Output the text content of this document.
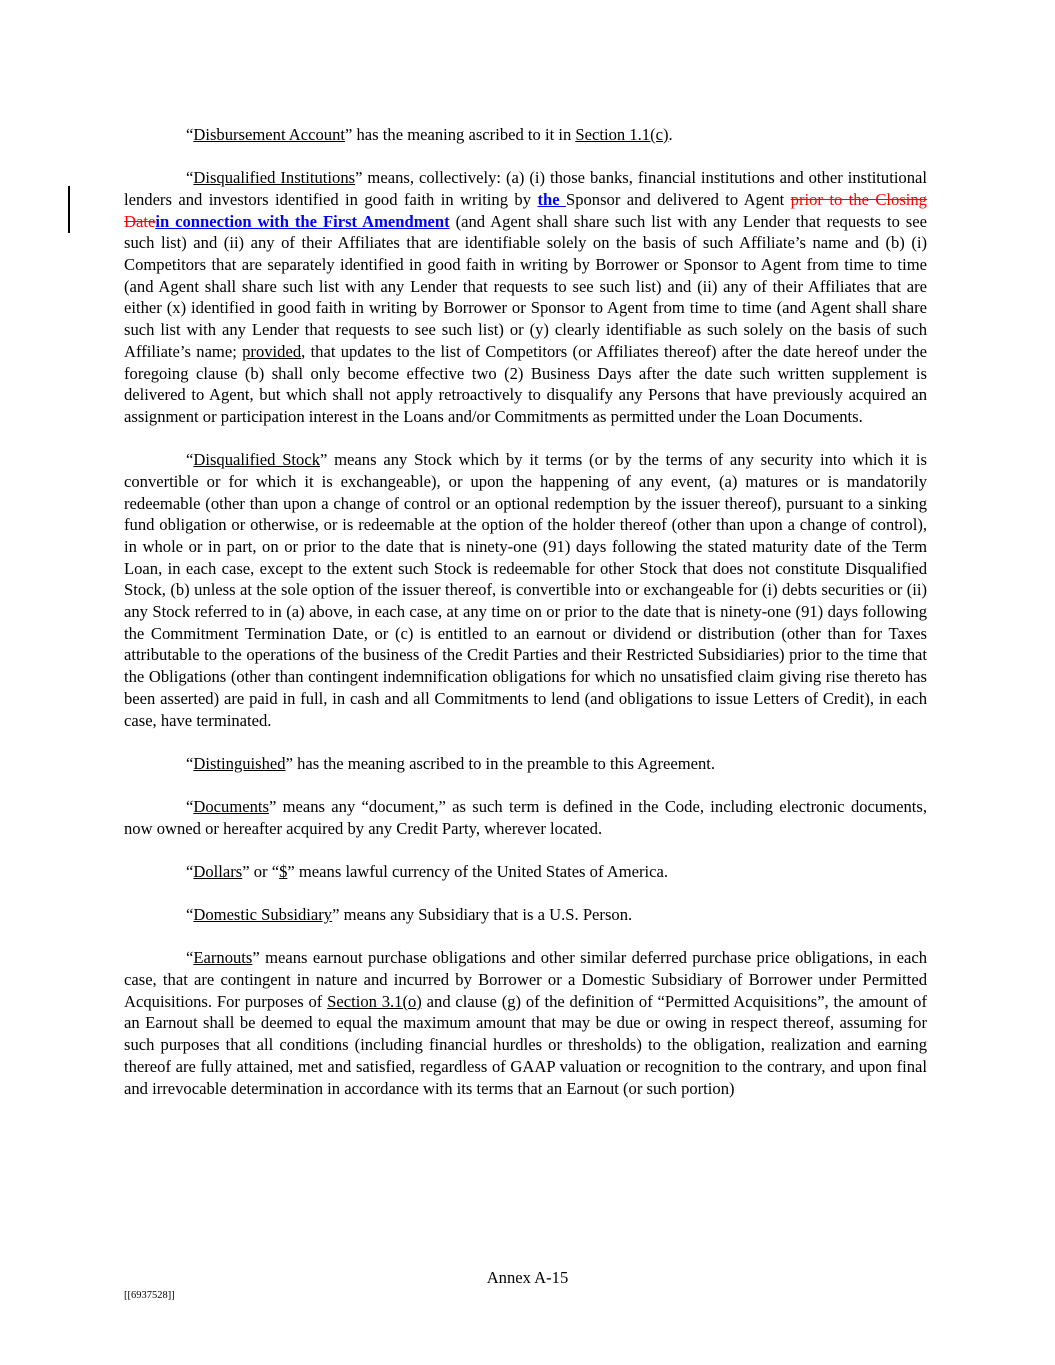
“Disbursement Account” has the meaning ascribed to it in Section 1.1(c).

“Disqualified Institutions” means, collectively: (a) (i) those banks, financial institutions and other institutional lenders and investors identified in good faith in writing by the Sponsor and delivered to Agent prior to the Closing Datein connection with the First Amendment (and Agent shall share such list with any Lender that requests to see such list) and (ii) any of their Affiliates that are identifiable solely on the basis of such Affiliate’s name and (b) (i) Competitors that are separately identified in good faith in writing by Borrower or Sponsor to Agent from time to time (and Agent shall share such list with any Lender that requests to see such list) and (ii) any of their Affiliates that are either (x) identified in good faith in writing by Borrower or Sponsor to Agent from time to time (and Agent shall share such list with any Lender that requests to see such list) or (y) clearly identifiable as such solely on the basis of such Affiliate’s name; provided, that updates to the list of Competitors (or Affiliates thereof) after the date hereof under the foregoing clause (b) shall only become effective two (2) Business Days after the date such written supplement is delivered to Agent, but which shall not apply retroactively to disqualify any Persons that have previously acquired an assignment or participation interest in the Loans and/or Commitments as permitted under the Loan Documents.

“Disqualified Stock” means any Stock which by it terms (or by the terms of any security into which it is convertible or for which it is exchangeable), or upon the happening of any event, (a) matures or is mandatorily redeemable (other than upon a change of control or an optional redemption by the issuer thereof), pursuant to a sinking fund obligation or otherwise, or is redeemable at the option of the holder thereof (other than upon a change of control), in whole or in part, on or prior to the date that is ninety-one (91) days following the stated maturity date of the Term Loan, in each case, except to the extent such Stock is redeemable for other Stock that does not constitute Disqualified Stock, (b) unless at the sole option of the issuer thereof, is convertible into or exchangeable for (i) debts securities or (ii) any Stock referred to in (a) above, in each case, at any time on or prior to the date that is ninety-one (91) days following the Commitment Termination Date, or (c) is entitled to an earnout or dividend or distribution (other than for Taxes attributable to the operations of the business of the Credit Parties and their Restricted Subsidiaries) prior to the time that the Obligations (other than contingent indemnification obligations for which no unsatisfied claim giving rise thereto has been asserted) are paid in full, in cash and all Commitments to lend (and obligations to issue Letters of Credit), in each case, have terminated.

“Distinguished” has the meaning ascribed to in the preamble to this Agreement.

“Documents” means any “document,” as such term is defined in the Code, including electronic documents, now owned or hereafter acquired by any Credit Party, wherever located.

“Dollars” or “$” means lawful currency of the United States of America.

“Domestic Subsidiary” means any Subsidiary that is a U.S. Person.

“Earnouts” means earnout purchase obligations and other similar deferred purchase price obligations, in each case, that are contingent in nature and incurred by Borrower or a Domestic Subsidiary of Borrower under Permitted Acquisitions. For purposes of Section 3.1(o) and clause (g) of the definition of “Permitted Acquisitions”, the amount of an Earnout shall be deemed to equal the maximum amount that may be due or owing in respect thereof, assuming for such purposes that all conditions (including financial hurdles or thresholds) to the obligation, realization and earning thereof are fully attained, met and satisfied, regardless of GAAP valuation or recognition to the contrary, and upon final and irrevocable determination in accordance with its terms that an Earnout (or such portion)

Annex A-15
[[6937528]]
